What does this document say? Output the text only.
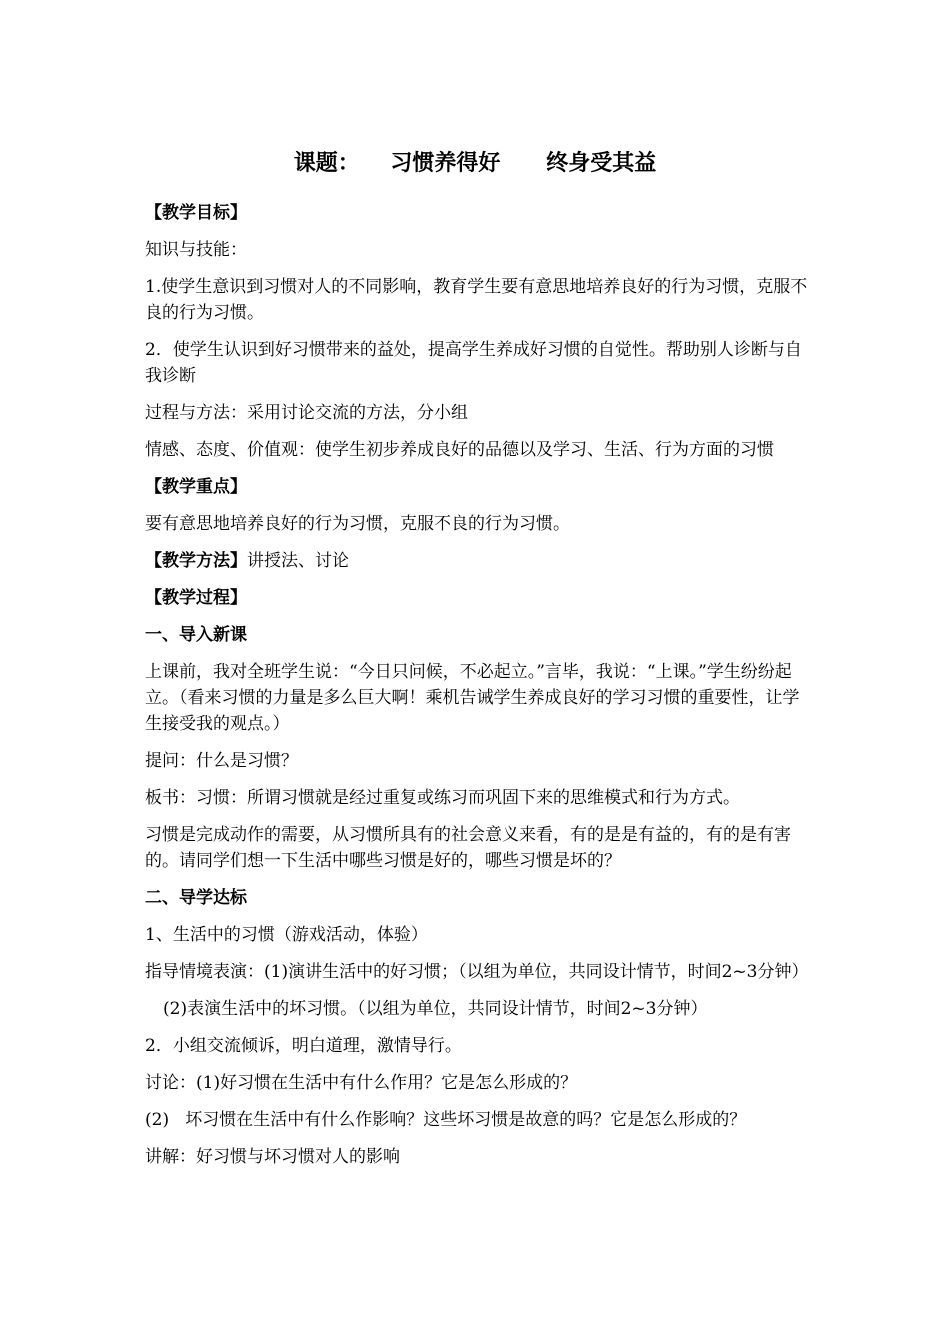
课题：    习惯养得好      终身受其益

【教学目标】

知识与技能：

1.使学生意识到习惯对人的不同影响，教育学生要有意思地培养良好的行为习惯，克服不良的行为习惯。

2．使学生认识到好习惯带来的益处，提高学生养成好习惯的自觉性。帮助别人诊断与自我诊断

过程与方法：采用讨论交流的方法，分小组

情感、态度、价值观：使学生初步养成良好的品德以及学习、生活、行为方面的习惯

【教学重点】

要有意思地培养良好的行为习惯，克服不良的行为习惯。

【教学方法】讲授法、讨论

【教学过程】

一、导入新课

上课前，我对全班学生说：“今日只问候，不必起立。”言毕，我说：“上课。”学生纷纷起立。（看来习惯的力量是多么巨大啊！乘机告诫学生养成良好的学习习惯的重要性，让学生接受我的观点。）

提问：什么是习惯？

板书：习惯：所谓习惯就是经过重复或练习而巩固下来的思维模式和行为方式。

习惯是完成动作的需要，从习惯所具有的社会意义来看，有的是是有益的，有的是有害的。请同学们想一下生活中哪些习惯是好的，哪些习惯是坏的？

二、导学达标

1、生活中的习惯（游戏活动，体验）

指导情境表演：(1)演讲生活中的好习惯；（以组为单位，共同设计情节，时间2~3分钟）

(2)表演生活中的坏习惯。（以组为单位，共同设计情节，时间2~3分钟）

2．小组交流倾诉，明白道理，激情导行。

讨论：(1)好习惯在生活中有什么作用？它是怎么形成的？

(2)   坏习惯在生活中有什么作影响？这些坏习惯是故意的吗？它是怎么形成的？

讲解：好习惯与坏习惯对人的影响
